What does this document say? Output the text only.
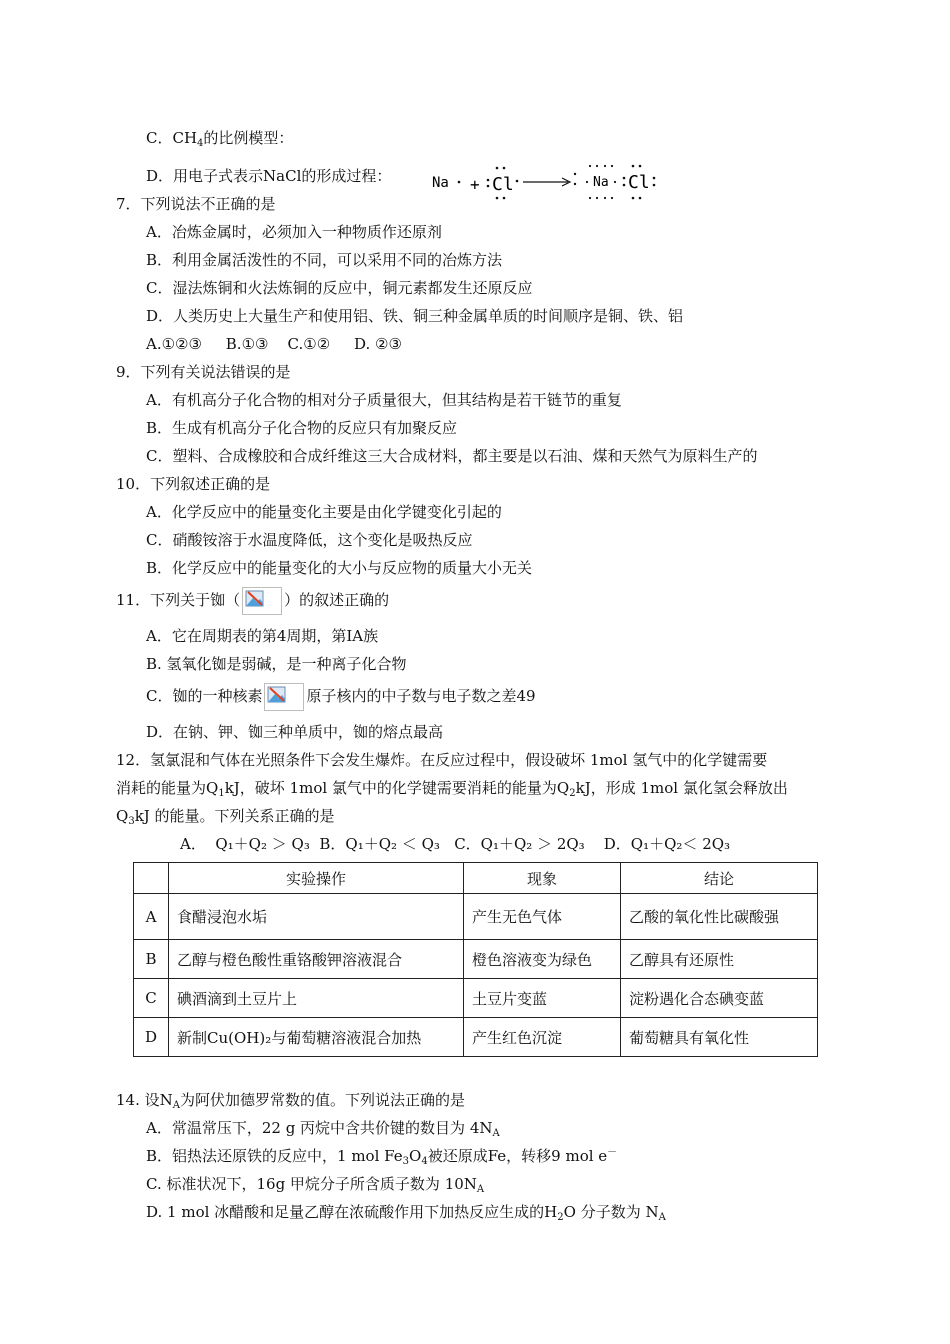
C．$CH_4$的比例模型：
D．用电子式表示NaCl的形成过程：	Na + Cl	Na Cl
7．下列说法不正确的是
A．冶炼金属时，必须加入一种物质作还原剂
B．利用金属活泼性的不同，可以采用不同的冶炼方法
C．湿法炼铜和火法炼铜的反应中，铜元素都发生还原反应
D．人类历史上大量生产和使用铝、铁、铜三种金属单质的时间顺序是铜、铁、铝
A.①②③     B.①③    C.①②     D. ②③
9．下列有关说法错误的是
A．有机高分子化合物的相对分子质量很大，但其结构是若干链节的重复
B．生成有机高分子化合物的反应只有加聚反应
C．塑料、合成橡胶和合成纤维这三大合成材料，都主要是以石油、煤和天然气为原料生产的
10．下列叙述正确的是
A．化学反应中的能量变化主要是由化学键变化引起的
C．硝酸铵溶于水温度降低，这个变化是吸热反应
B．化学反应中的能量变化的大小与反应物的质量大小无关
11．下列关于铷（	）的叙述正确的
A．它在周期表的第4周期，第IA族
B. 氢氧化铷是弱碱，是一种离子化合物
C．铷的一种核素	原子核内的中子数与电子数之差49
D．在钠、钾、铷三种单质中，铷的熔点最高
12．氢氯混和气体在光照条件下会发生爆炸。在反应过程中，假设破坏 1mol 氢气中的化学键需要
消耗的能量为$Q_1kJ$，破坏 1mol 氯气中的化学键需要消耗的能量为$Q_2kJ$，形成 1mol 氯化氢会释放出
$Q_3kJ$ 的能量。下列关系正确的是
A．  Q₁＋Q₂ ＞ Q₃ B．Q₁＋Q₂ ＜ Q₃ C．Q₁＋Q₂ ＞ 2Q₃ D．Q₁＋Q₂＜ 2Q₃
	实验操作	现象	结论
A	食醋浸泡水垢	产生无色气体	乙酸的氧化性比碳酸强
B	乙醇与橙色酸性重铬酸钾溶液混合	橙色溶液变为绿色	乙醇具有还原性
C	碘酒滴到土豆片上	土豆片变蓝	淀粉遇化合态碘变蓝
D	新制Cu(OH)₂与葡萄糖溶液混合加热	产生红色沉淀	葡萄糖具有氧化性
14. 设$N_A$为阿伏加德罗常数的值。下列说法正确的是
A．常温常压下，22 g 丙烷中含共价键的数目为 $4N_A$
B．铝热法还原铁的反应中，1 mol $Fe_3O_4$被还原成Fe，转移9 mol e－
C. 标准状况下，16g 甲烷分子所含质子数为 $10N_A$
D. 1 mol 冰醋酸和足量乙醇在浓硫酸作用下加热反应生成的$H_2O$ 分子数为 $N_A$
